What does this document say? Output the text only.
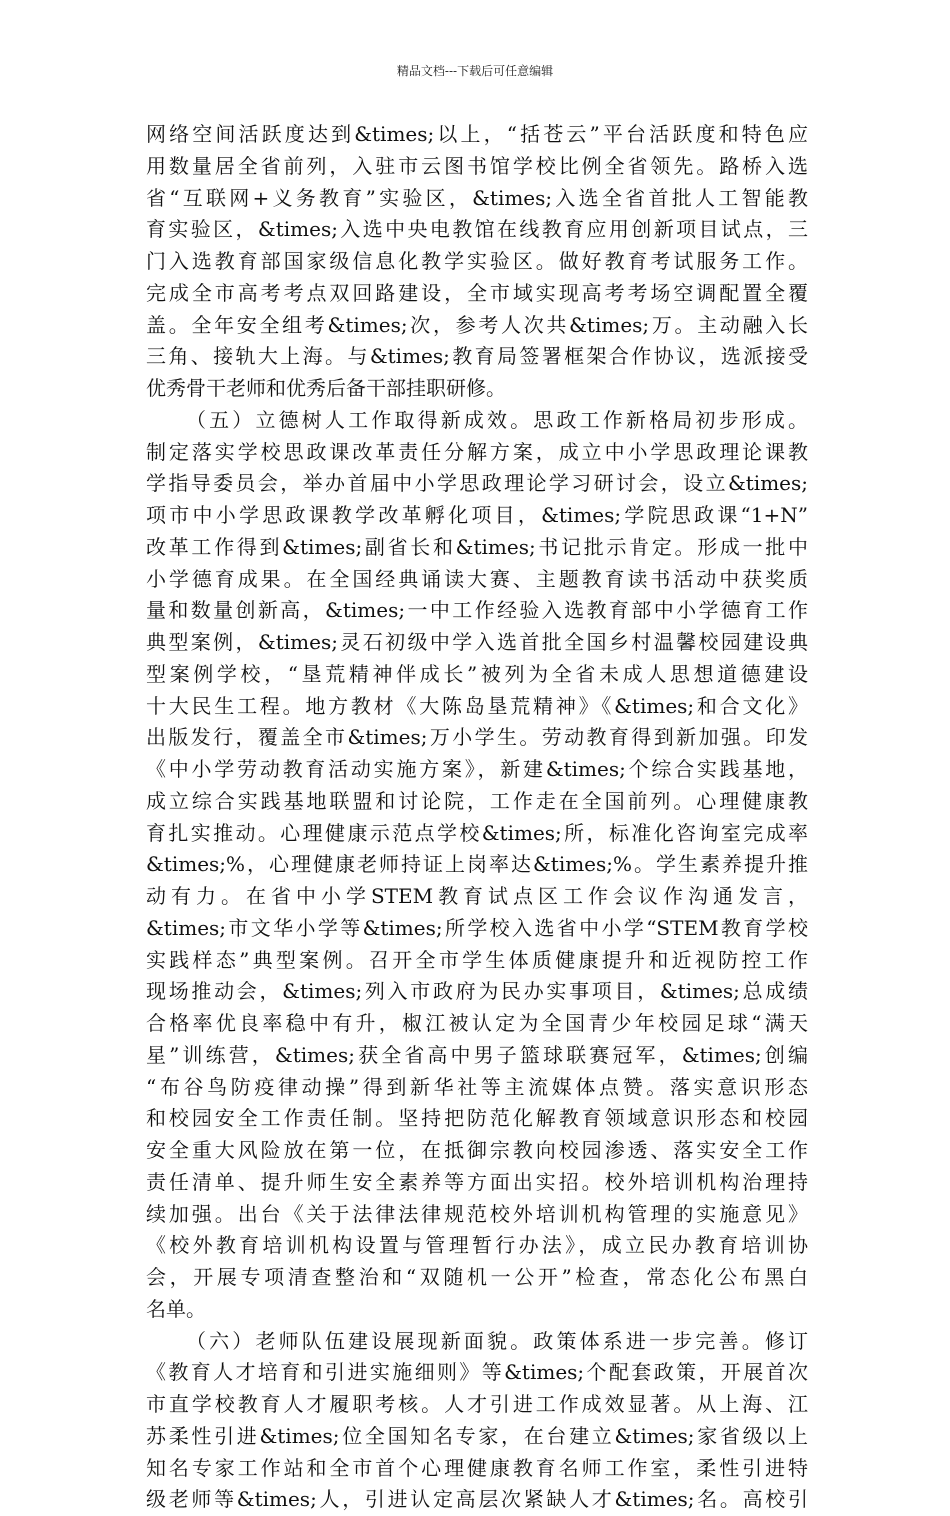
精品文档---下载后可任意编辑
网络空间活跃度达到&times;以上，“括苍云”平台活跃度和特色应
用数量居全省前列，入驻市云图书馆学校比例全省领先。路桥入选
省“互联网+义务教育”实验区，&times;入选全省首批人工智能教
育实验区，&times;入选中央电教馆在线教育应用创新项目试点，三
门入选教育部国家级信息化教学实验区。做好教育考试服务工作。
完成全市高考考点双回路建设，全市域实现高考考场空调配置全覆
盖。全年安全组考&times;次，参考人次共&times;万。主动融入长
三角、接轨大上海。与&times;教育局签署框架合作协议，选派接受
优秀骨干老师和优秀后备干部挂职研修。
（五）立德树人工作取得新成效。思政工作新格局初步形成。
制定落实学校思政课改革责任分解方案，成立中小学思政理论课教
学指导委员会，举办首届中小学思政理论学习研讨会，设立&times;
项市中小学思政课教学改革孵化项目，&times;学院思政课“1+N”
改革工作得到&times;副省长和&times;书记批示肯定。形成一批中
小学德育成果。在全国经典诵读大赛、主题教育读书活动中获奖质
量和数量创新高，&times;一中工作经验入选教育部中小学德育工作
典型案例，&times;灵石初级中学入选首批全国乡村温馨校园建设典
型案例学校，“垦荒精神伴成长”被列为全省未成人思想道德建设
十大民生工程。地方教材《大陈岛垦荒精神》《&times;和合文化》
出版发行，覆盖全市&times;万小学生。劳动教育得到新加强。印发
《中小学劳动教育活动实施方案》，新建&times;个综合实践基地，
成立综合实践基地联盟和讨论院，工作走在全国前列。心理健康教
育扎实推动。心理健康示范点学校&times;所，标准化咨询室完成率
&times;%，心理健康老师持证上岗率达&times;%。学生素养提升推
动有力。在省中小学STEM教育试点区工作会议作沟通发言，
&times;市文华小学等&times;所学校入选省中小学“STEM教育学校
实践样态”典型案例。召开全市学生体质健康提升和近视防控工作
现场推动会，&times;列入市政府为民办实事项目，&times;总成绩
合格率优良率稳中有升，椒江被认定为全国青少年校园足球“满天
星”训练营，&times;获全省高中男子篮球联赛冠军，&times;创编
“布谷鸟防疫律动操”得到新华社等主流媒体点赞。落实意识形态
和校园安全工作责任制。坚持把防范化解教育领域意识形态和校园
安全重大风险放在第一位，在抵御宗教向校园渗透、落实安全工作
责任清单、提升师生安全素养等方面出实招。校外培训机构治理持
续加强。出台《关于法律法律规范校外培训机构管理的实施意见》
《校外教育培训机构设置与管理暂行办法》，成立民办教育培训协
会，开展专项清查整治和“双随机一公开”检查，常态化公布黑白
名单。
（六）老师队伍建设展现新面貌。政策体系进一步完善。修订
《教育人才培育和引进实施细则》等&times;个配套政策，开展首次
市直学校教育人才履职考核。人才引进工作成效显著。从上海、江
苏柔性引进&times;位全国知名专家，在台建立&times;家省级以上
知名专家工作站和全市首个心理健康教育名师工作室，柔性引进特
级老师等&times;人，引进认定高层次紧缺人才&times;名。高校引
